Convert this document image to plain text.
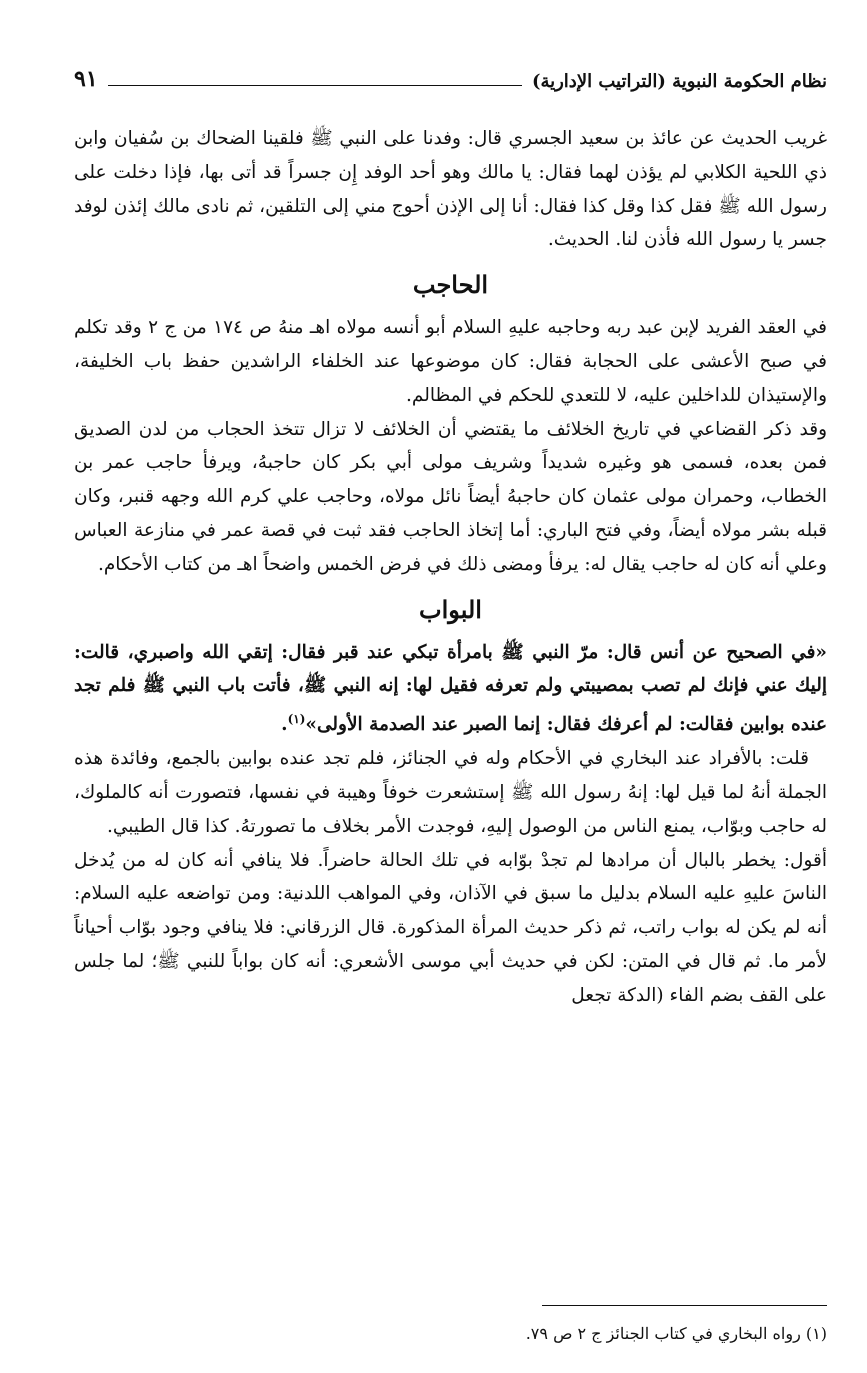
نظام الحكومة النبوية (التراتيب الإدارية)
٩١

غريب الحديث عن عائذ بن سعيد الجسري قال: وفدنا على النبي ﷺ فلقينا الضحاك بن سُفيان وابن ذي اللحية الكلابي لم يؤذن لهما فقال: يا مالك وهو أحد الوفد إِن جسراً قد أتى بها، فإذا دخلت على رسول الله ﷺ فقل كذا وقل كذا فقال: أنا إلى الإذن أحوج مني إلى التلقين، ثم نادى مالك إئذن لوفد جسر يا رسول الله فأذن لنا. الحديث.

الحاجب

في العقد الفريد لإبن عبد ربه وحاجبه عليهِ السلام أبو أنسه مولاه اهـ منهُ ص ١٧٤ من ج ٢ وقد تكلم في صبح الأعشى على الحجابة فقال: كان موضوعها عند الخلفاء الراشدين حفظ باب الخليفة، والإستيذان للداخلين عليه، لا للتعدي للحكم في المظالم.

وقد ذكر القضاعي في تاريخ الخلائف ما يقتضي أن الخلائف لا تزال تتخذ الحجاب من لدن الصديق فمن بعده، فسمى هو وغيره شديداً وشريف مولى أبي بكر كان حاجبهُ، ويرفأ حاجب عمر بن الخطاب، وحمران مولى عثمان كان حاجبهُ أيضاً نائل مولاه، وحاجب علي كرم الله وجهه قنبر، وكان قبله بشر مولاه أيضاً، وفي فتح الباري: أما إتخاذ الحاجب فقد ثبت في قصة عمر في منازعة العباس وعلي أنه كان له حاجب يقال له: يرفأ ومضى ذلك في فرض الخمس واضحاً اهـ من كتاب الأحكام.

البواب

«في الصحيح عن أنس قال: مرّ النبي ﷺ بامرأة تبكي عند قبر فقال: إتقي الله واصبري، قالت: إليك عني فإنك لم تصب بمصيبتي ولم تعرفه فقيل لها: إنه النبي ﷺ، فأتت باب النبي ﷺ فلم تجد عنده بوابين فقالت: لم أعرفك فقال: إنما الصبر عند الصدمة الأولى»$^{(١)}$.

قلت: بالأفراد عند البخاري في الأحكام وله في الجنائز، فلم تجد عنده بوابين بالجمع، وفائدة هذه الجملة أنهُ لما قيل لها: إنهُ رسول الله ﷺ إستشعرت خوفاً وهيبة في نفسها، فتصورت أنه كالملوك، له حاجب وبوّاب، يمنع الناس من الوصول إليهِ، فوجدت الأمر بخلاف ما تصورتهُ. كذا قال الطيبي.

أقول: يخطر بالبال أن مرادها لم تجدْ بوّابه في تلك الحالة حاضراً. فلا ينافي أنه كان له من يُدخل الناسَ عليهِ عليه السلام بدليل ما سبق في الآذان، وفي المواهب اللدنية: ومن تواضعه عليه السلام: أنه لم يكن له بواب راتب، ثم ذكر حديث المرأة المذكورة. قال الزرقاني: فلا ينافي وجود بوّاب أحياناً لأمر ما. ثم قال في المتن: لكن في حديث أبي موسى الأشعري: أنه كان بواباً للنبي ﷺ؛ لما جلس على القف بضم الفاء (الدكة تجعل

(١) رواه البخاري في كتاب الجنائز ج ٢ ص ٧٩.
